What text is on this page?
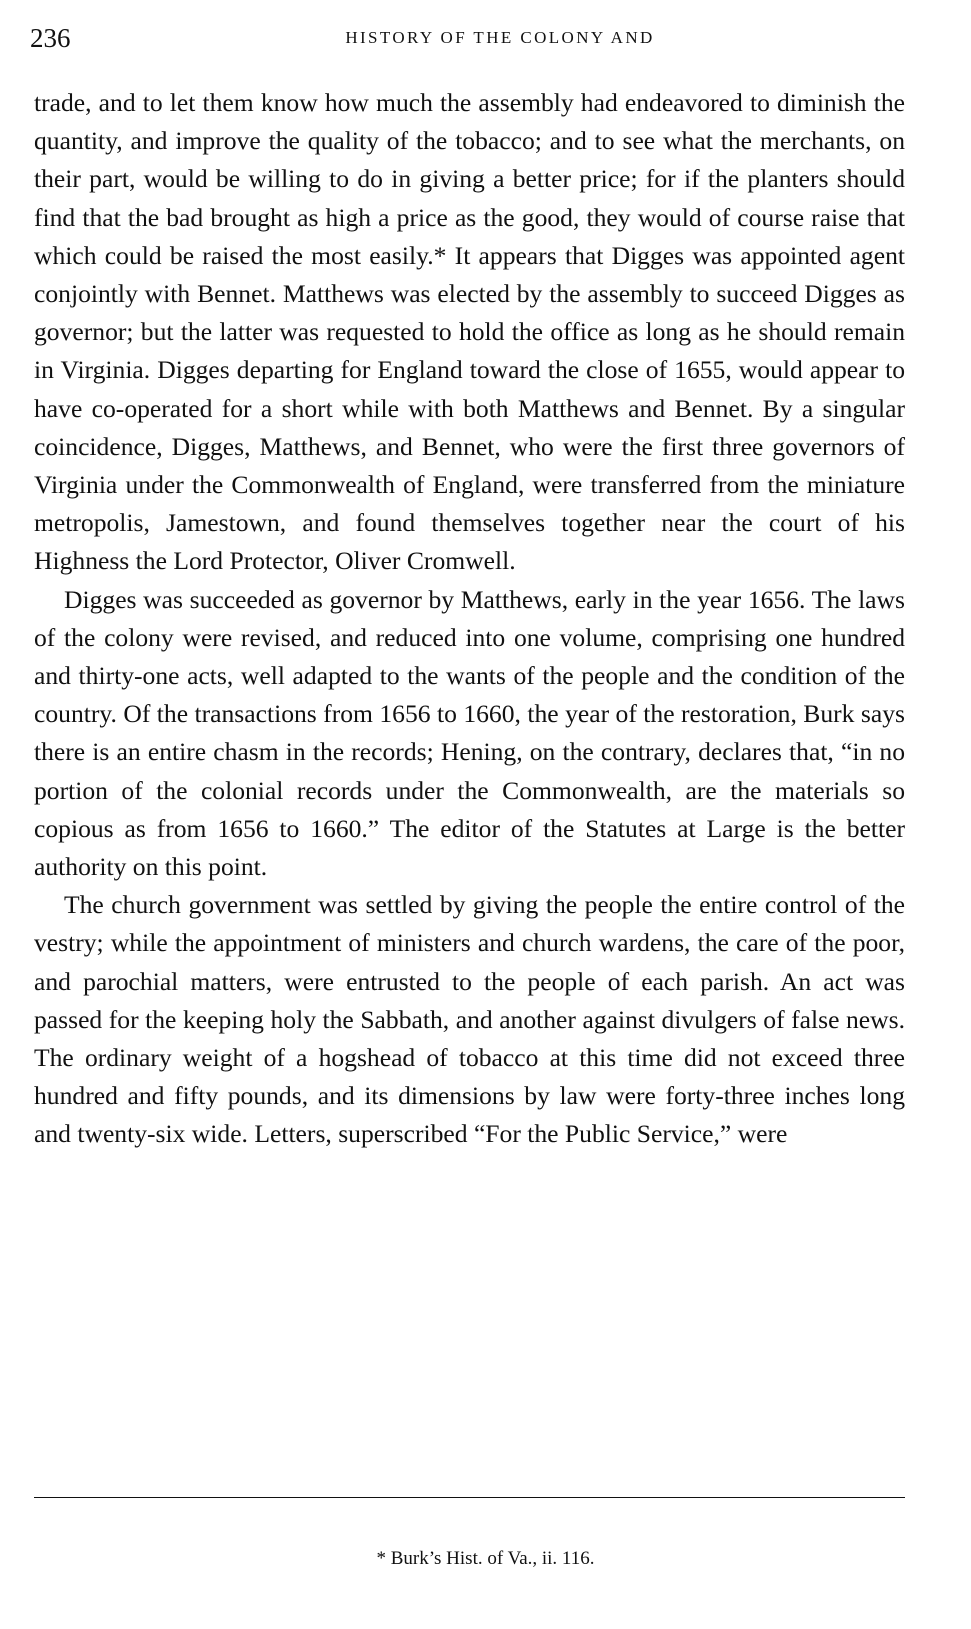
236	HISTORY OF THE COLONY AND

trade, and to let them know how much the assembly had endeavored to diminish the quantity, and improve the quality of the tobacco; and to see what the merchants, on their part, would be willing to do in giving a better price; for if the planters should find that the bad brought as high a price as the good, they would of course raise that which could be raised the most easily.* It appears that Digges was appointed agent conjointly with Bennet. Matthews was elected by the assembly to succeed Digges as governor; but the latter was requested to hold the office as long as he should remain in Virginia. Digges departing for England toward the close of 1655, would appear to have co-operated for a short while with both Matthews and Bennet. By a singular coincidence, Digges, Matthews, and Bennet, who were the first three governors of Virginia under the Commonwealth of England, were transferred from the miniature metropolis, Jamestown, and found themselves together near the court of his Highness the Lord Protector, Oliver Cromwell.

Digges was succeeded as governor by Matthews, early in the year 1656. The laws of the colony were revised, and reduced into one volume, comprising one hundred and thirty-one acts, well adapted to the wants of the people and the condition of the country. Of the transactions from 1656 to 1660, the year of the restoration, Burk says there is an entire chasm in the records; Hening, on the contrary, declares that, “in no portion of the colonial records under the Commonwealth, are the materials so copious as from 1656 to 1660.” The editor of the Statutes at Large is the better authority on this point.

The church government was settled by giving the people the entire control of the vestry; while the appointment of ministers and church wardens, the care of the poor, and parochial matters, were entrusted to the people of each parish. An act was passed for the keeping holy the Sabbath, and another against divulgers of false news. The ordinary weight of a hogshead of tobacco at this time did not exceed three hundred and fifty pounds, and its dimensions by law were forty-three inches long and twenty-six wide. Letters, superscribed “For the Public Service,” were

* Burk’s Hist. of Va., ii. 116.
